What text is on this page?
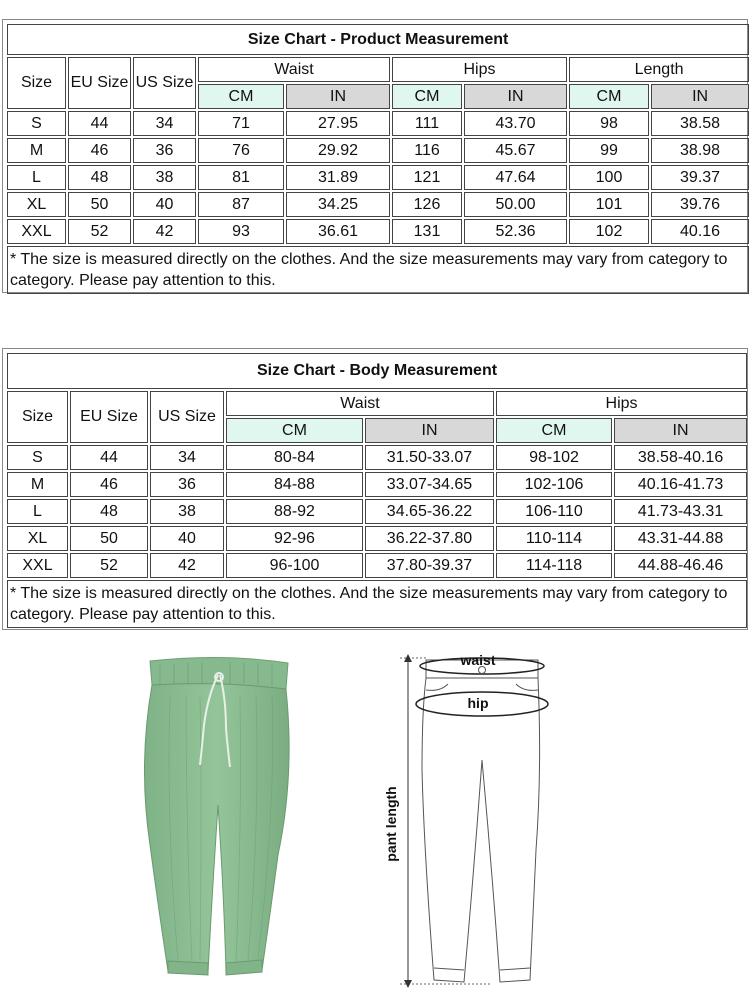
Size Chart - Product Measurement								
Size	EU Size	US Size	Waist		Hips		Length	
			CM	IN	CM	IN	CM	IN
S	44	34	71	27.95	111	43.70	98	38.58
M	46	36	76	29.92	116	45.67	99	38.98
L	48	38	81	31.89	121	47.64	100	39.37
XL	50	40	87	34.25	126	50.00	101	39.76
XXL	52	42	93	36.61	131	52.36	102	40.16
* The size is measured directly on the clothes. And the size measurements may vary from category to category. Please pay attention to this.								
Size Chart - Body Measurement						
Size	EU Size	US Size	Waist		Hips	
			CM	IN	CM	IN
S	44	34	80-84	31.50-33.07	98-102	38.58-40.16
M	46	36	84-88	33.07-34.65	102-106	40.16-41.73
L	48	38	88-92	34.65-36.22	106-110	41.73-43.31
XL	50	40	92-96	36.22-37.80	110-114	43.31-44.88
XXL	52	42	96-100	37.80-39.37	114-118	44.88-46.46
* The size is measured directly on the clothes. And the size measurements may vary from category to category. Please pay attention to this.						
waist
hip
pant length
